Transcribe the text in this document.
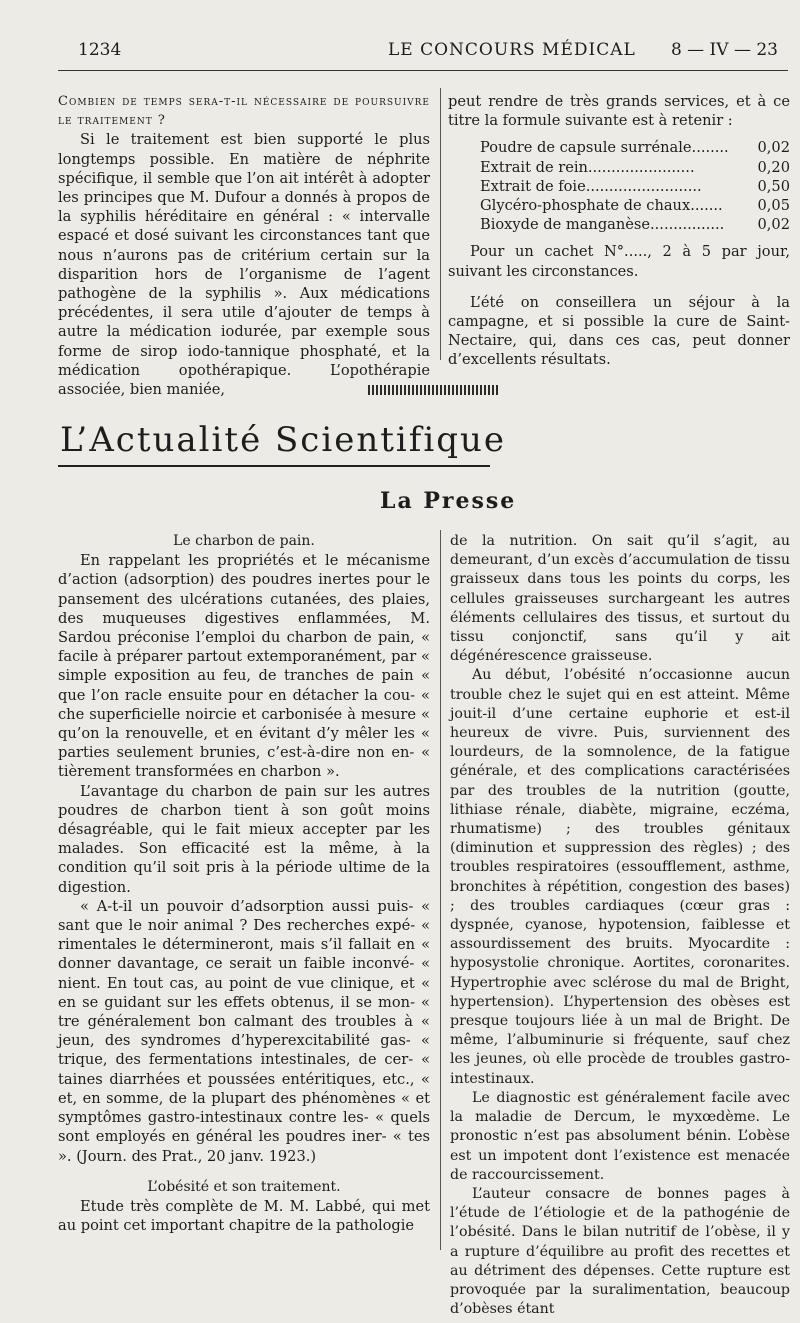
1234	LE CONCOURS MÉDICAL 8 — IV — 23

Combien de temps sera-t-il nécessaire de poursuivre le traitement ?

Si le traitement est bien supporté le plus longtemps possible. En matière de néphrite spécifique, il semble que l’on ait intérêt à adopter les principes que M. Dufour a donnés à propos de la syphilis héréditaire en général : « intervalle espacé et dosé suivant les circonstances tant que nous n’aurons pas de critérium certain sur la disparition hors de l’organisme de l’agent pathogène de la syphilis ». Aux médications précédentes, il sera utile d’ajouter de temps à autre la médication iodurée, par exemple sous forme de sirop iodo-tannique phosphaté, et la médication opothérapique. L’opothérapie associée, bien maniée,

peut rendre de très grands services, et à ce titre la formule suivante est à retenir :

Poudre de capsule surrénale........ 0,02
Extrait de rein.......................	0,20
Extrait de foie.........................	0,50
Glycéro-phosphate de chaux....... 0,05
Bioxyde de manganèse................ 0,02

Pour un cachet N°....., 2 à 5 par jour, suivant les circonstances.

L’été on conseillera un séjour à la campagne, et si possible la cure de Saint-Nectaire, qui, dans ces cas, peut donner d’excellents résultats.

L’Actualité Scientifique
La Presse

Le charbon de pain.

En rappelant les propriétés et le mécanisme d’action (adsorption) des poudres inertes pour le pansement des ulcérations cutanées, des plaies, des muqueuses digestives enflammées, M. Sardou préconise l’emploi du charbon de pain, « facile à préparer partout extemporanément, par « simple exposition au feu, de tranches de pain « que l’on racle ensuite pour en détacher la cou- « che superficielle noircie et carbonisée à mesure « qu’on la renouvelle, et en évitant d’y mêler les « parties seulement brunies, c’est-à-dire non en- « tièrement transformées en charbon ».

L’avantage du charbon de pain sur les autres poudres de charbon tient à son goût moins désagréable, qui le fait mieux accepter par les malades. Son efficacité est la même, à la condition qu’il soit pris à la période ultime de la digestion.

« A-t-il un pouvoir d’adsorption aussi puis- « sant que le noir animal ? Des recherches expé- « rimentales le détermineront, mais s’il fallait en « donner davantage, ce serait un faible inconvé- « nient. En tout cas, au point de vue clinique, et « en se guidant sur les effets obtenus, il se mon- « tre généralement bon calmant des troubles à « jeun, des syndromes d’hyperexcitabilité gas- « trique, des fermentations intestinales, de cer- « taines diarrhées et poussées entéritiques, etc., « et, en somme, de la plupart des phénomènes « et symptômes gastro-intestinaux contre les- « quels sont employés en général les poudres iner- « tes ». (Journ. des Prat., 20 janv. 1923.)

L’obésité et son traitement.

Etude très complète de M. M. Labbé, qui met au point cet important chapitre de la pathologie

de la nutrition. On sait qu’il s’agit, au demeurant, d’un excès d’accumulation de tissu graisseux dans tous les points du corps, les cellules graisseuses surchargeant les autres éléments cellulaires des tissus, et surtout du tissu conjonctif, sans qu’il y ait dégénérescence graisseuse.

Au début, l’obésité n’occasionne aucun trouble chez le sujet qui en est atteint. Même jouit-il d’une certaine euphorie et est-il heureux de vivre. Puis, surviennent des lourdeurs, de la somnolence, de la fatigue générale, et des complications caractérisées par des troubles de la nutrition (goutte, lithiase rénale, diabète, migraine, eczéma, rhumatisme) ; des troubles génitaux (diminution et suppression des règles) ; des troubles respiratoires (essoufflement, asthme, bronchites à répétition, congestion des bases) ; des troubles cardiaques (cœur gras : dyspnée, cyanose, hypotension, faiblesse et assourdissement des bruits. Myocardite : hyposystolie chronique. Aortites, coronarites. Hypertrophie avec sclérose du mal de Bright, hypertension). L’hypertension des obèses est presque toujours liée à un mal de Bright. De même, l’albuminurie si fréquente, sauf chez les jeunes, où elle procède de troubles gastro-intestinaux.

Le diagnostic est généralement facile avec la maladie de Dercum, le myxœdème. Le pronostic n’est pas absolument bénin. L’obèse est un impotent dont l’existence est menacée de raccourcissement.

L’auteur consacre de bonnes pages à l’étude de l’étiologie et de la pathogénie de l’obésité. Dans le bilan nutritif de l’obèse, il y a rupture d’équilibre au profit des recettes et au détriment des dépenses. Cette rupture est provoquée par la suralimentation, beaucoup d’obèses étant
